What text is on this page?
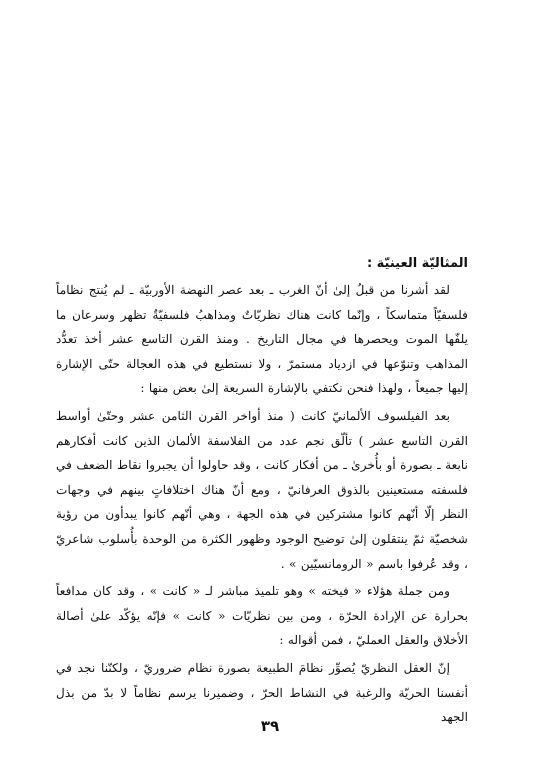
المثاليّة العينيّة :

لقد أشرنا من قبلُ إلىٰ أنّ الغرب ـ بعد عصر النهضة الأوربيّة ـ لم يُنتج نظاماً فلسفيّاً متماسكاً ، وإنّما كانت هناك نظريّاتٌ ومذاهبُ فلسفيّةٌ تظهر وسرعان ما يلفّها الموت ويحصرها في مجال التاريخ . ومنذ القرن التاسع عشر أخذ تعدُّد المذاهب وتنوّعها في ازدياد مستمرّ ، ولا نستطيع في هذه العجالة حتّى الإشارة إليها جميعاً ، ولهذا فنحن نكتفي بالإشارة السريعة إلىٰ بعض منها :

بعد الفيلسوف الألمانيّ كانت ( منذ أواخر القرن الثامن عشر وحتّىٰ أواسط القرن التاسع عشر ) تألّق نجم عدد من الفلاسفة الألمان الذين كانت أفكارهم نابعة ـ بصورة أو بأُخرىٰ ـ من أفكار كانت ، وقد حاولوا أن يجبروا نقاط الضعف في فلسفته مستعينين بالذوق العرفانيّ ، ومع أنّ هناك اختلافاتٍ بينهم في وجهات النظر إلّا أنّهم كانوا مشتركين في هذه الجهة ، وهي أنّهم كانوا يبدأون من رؤية شخصيّة ثمّ ينتقلون إلىٰ توضيح الوجود وظهور الكثرة من الوحدة بأُسلوب شاعريّ ، وقد عُرفوا باسم « الرومانسيّين » .

ومن جملة هؤلاء « فيخته » وهو تلميذ مباشر لـ « كانت » ، وقد كان مدافعاً بحرارة عن الإرادة الحرّة ، ومن بين نظريّات « كانت » فإنّه يؤكّد علىٰ أصالة الأخلاق والعقل العمليّ ، فمن أقواله :

إنّ العقل النظريّ يُصوِّر نظامَ الطبيعة بصورة نظام ضروريّ ، ولكنّنا نجد في أنفسنا الحريّة والرغبة في النشاط الحرّ ، وضميرنا يرسم نظاماً لا بدّ من بذل الجهد

٣٩
